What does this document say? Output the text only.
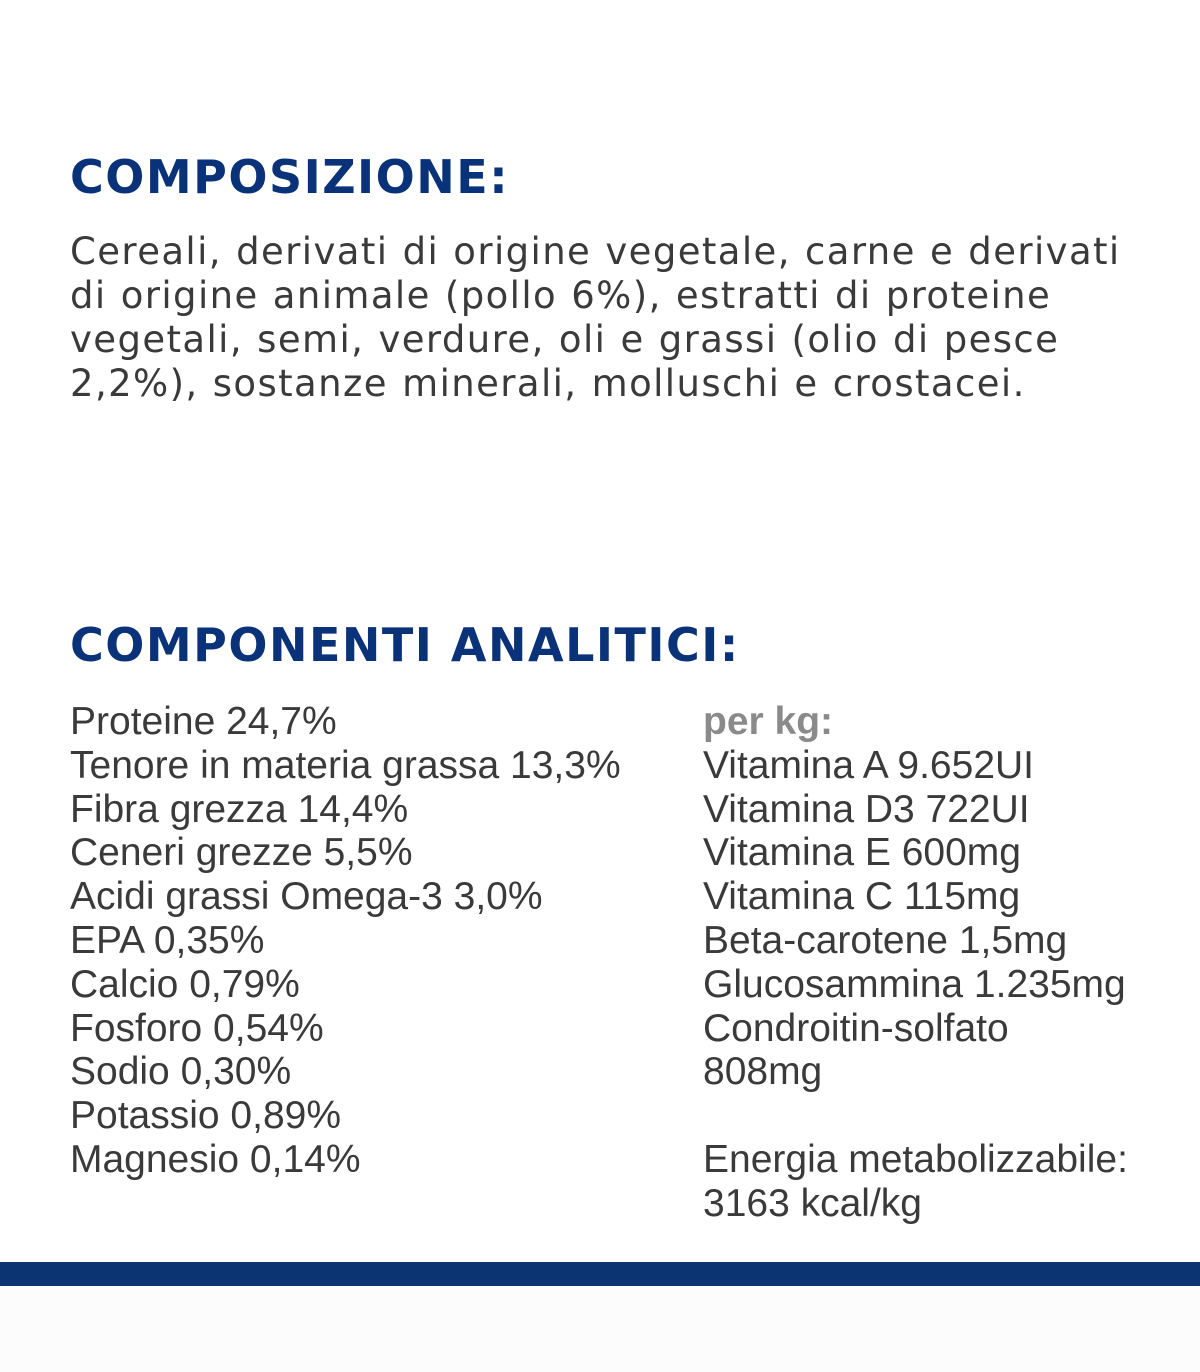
COMPOSIZIONE:

Cereali, derivati di origine vegetale, carne e derivati di origine animale (pollo 6%), estratti di proteine vegetali, semi, verdure, oli e grassi (olio di pesce 2,2%), sostanze minerali, molluschi e crostacei.

COMPONENTI ANALITICI:
Proteine 24,7%
Tenore in materia grassa 13,3%
Fibra grezza 14,4%
Ceneri grezze 5,5%
Acidi grassi Omega-3 3,0%
EPA 0,35%
Calcio 0,79%
Fosforo 0,54%
Sodio 0,30%
Potassio 0,89%
Magnesio 0,14%
per kg:
Vitamina A 9.652UI
Vitamina D3 722UI
Vitamina E 600mg
Vitamina C 115mg
Beta-carotene 1,5mg
Glucosammina 1.235mg
Condroitin-solfato
808mg
Energia metabolizzabile:
3163 kcal/kg
